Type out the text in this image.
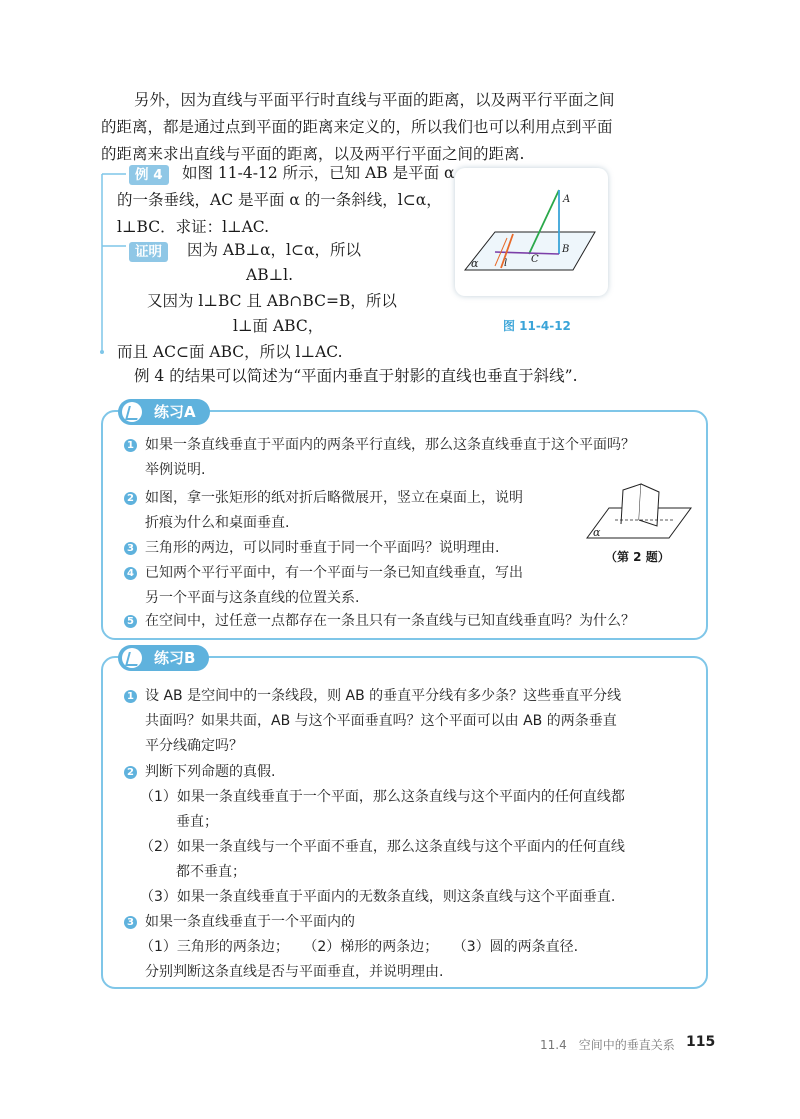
另外，因为直线与平面平行时直线与平面的距离，以及两平行平面之间
的距离，都是通过点到平面的距离来定义的，所以我们也可以利用点到平面
的距离来求出直线与平面的距离，以及两平行平面之间的距离.
例 4	如图 11-4-12 所示，已知 AB 是平面 α
的一条垂线，AC 是平面 α 的一条斜线，l⊂α，
l⊥BC．求证：l⊥AC.
证明	因为 AB⊥α，l⊂α，所以
AB⊥l.
又因为 l⊥BC 且 AB∩BC=B，所以
l⊥面 ABC，
而且 AC⊂面 ABC，所以 l⊥AC.
A
B
C
l
α
图 11-4-12
例 4 的结果可以简述为“平面内垂直于射影的直线也垂直于斜线”.
练习A
1 如果一条直线垂直于平面内的两条平行直线，那么这条直线垂直于这个平面吗？
举例说明.
2 如图，拿一张矩形的纸对折后略微展开，竖立在桌面上，说明
折痕为什么和桌面垂直.
3 三角形的两边，可以同时垂直于同一个平面吗？说明理由.
4 已知两个平行平面中，有一个平面与一条已知直线垂直，写出
另一个平面与这条直线的位置关系.
5 在空间中，过任意一点都存在一条且只有一条直线与已知直线垂直吗？为什么？
α
（第 2 题）
练习B
1 设 AB 是空间中的一条线段，则 AB 的垂直平分线有多少条？这些垂直平分线
共面吗？如果共面，AB 与这个平面垂直吗？这个平面可以由 AB 的两条垂直
平分线确定吗？
2 判断下列命题的真假.
（1）如果一条直线垂直于一个平面，那么这条直线与这个平面内的任何直线都
垂直；
（2）如果一条直线与一个平面不垂直，那么这条直线与这个平面内的任何直线
都不垂直；
（3）如果一条直线垂直于平面内的无数条直线，则这条直线与这个平面垂直.
3 如果一条直线垂直于一个平面内的
（1）三角形的两条边； （2）梯形的两条边； （3）圆的两条直径.
分别判断这条直线是否与平面垂直，并说明理由.
11.4　空间中的垂直关系 115
